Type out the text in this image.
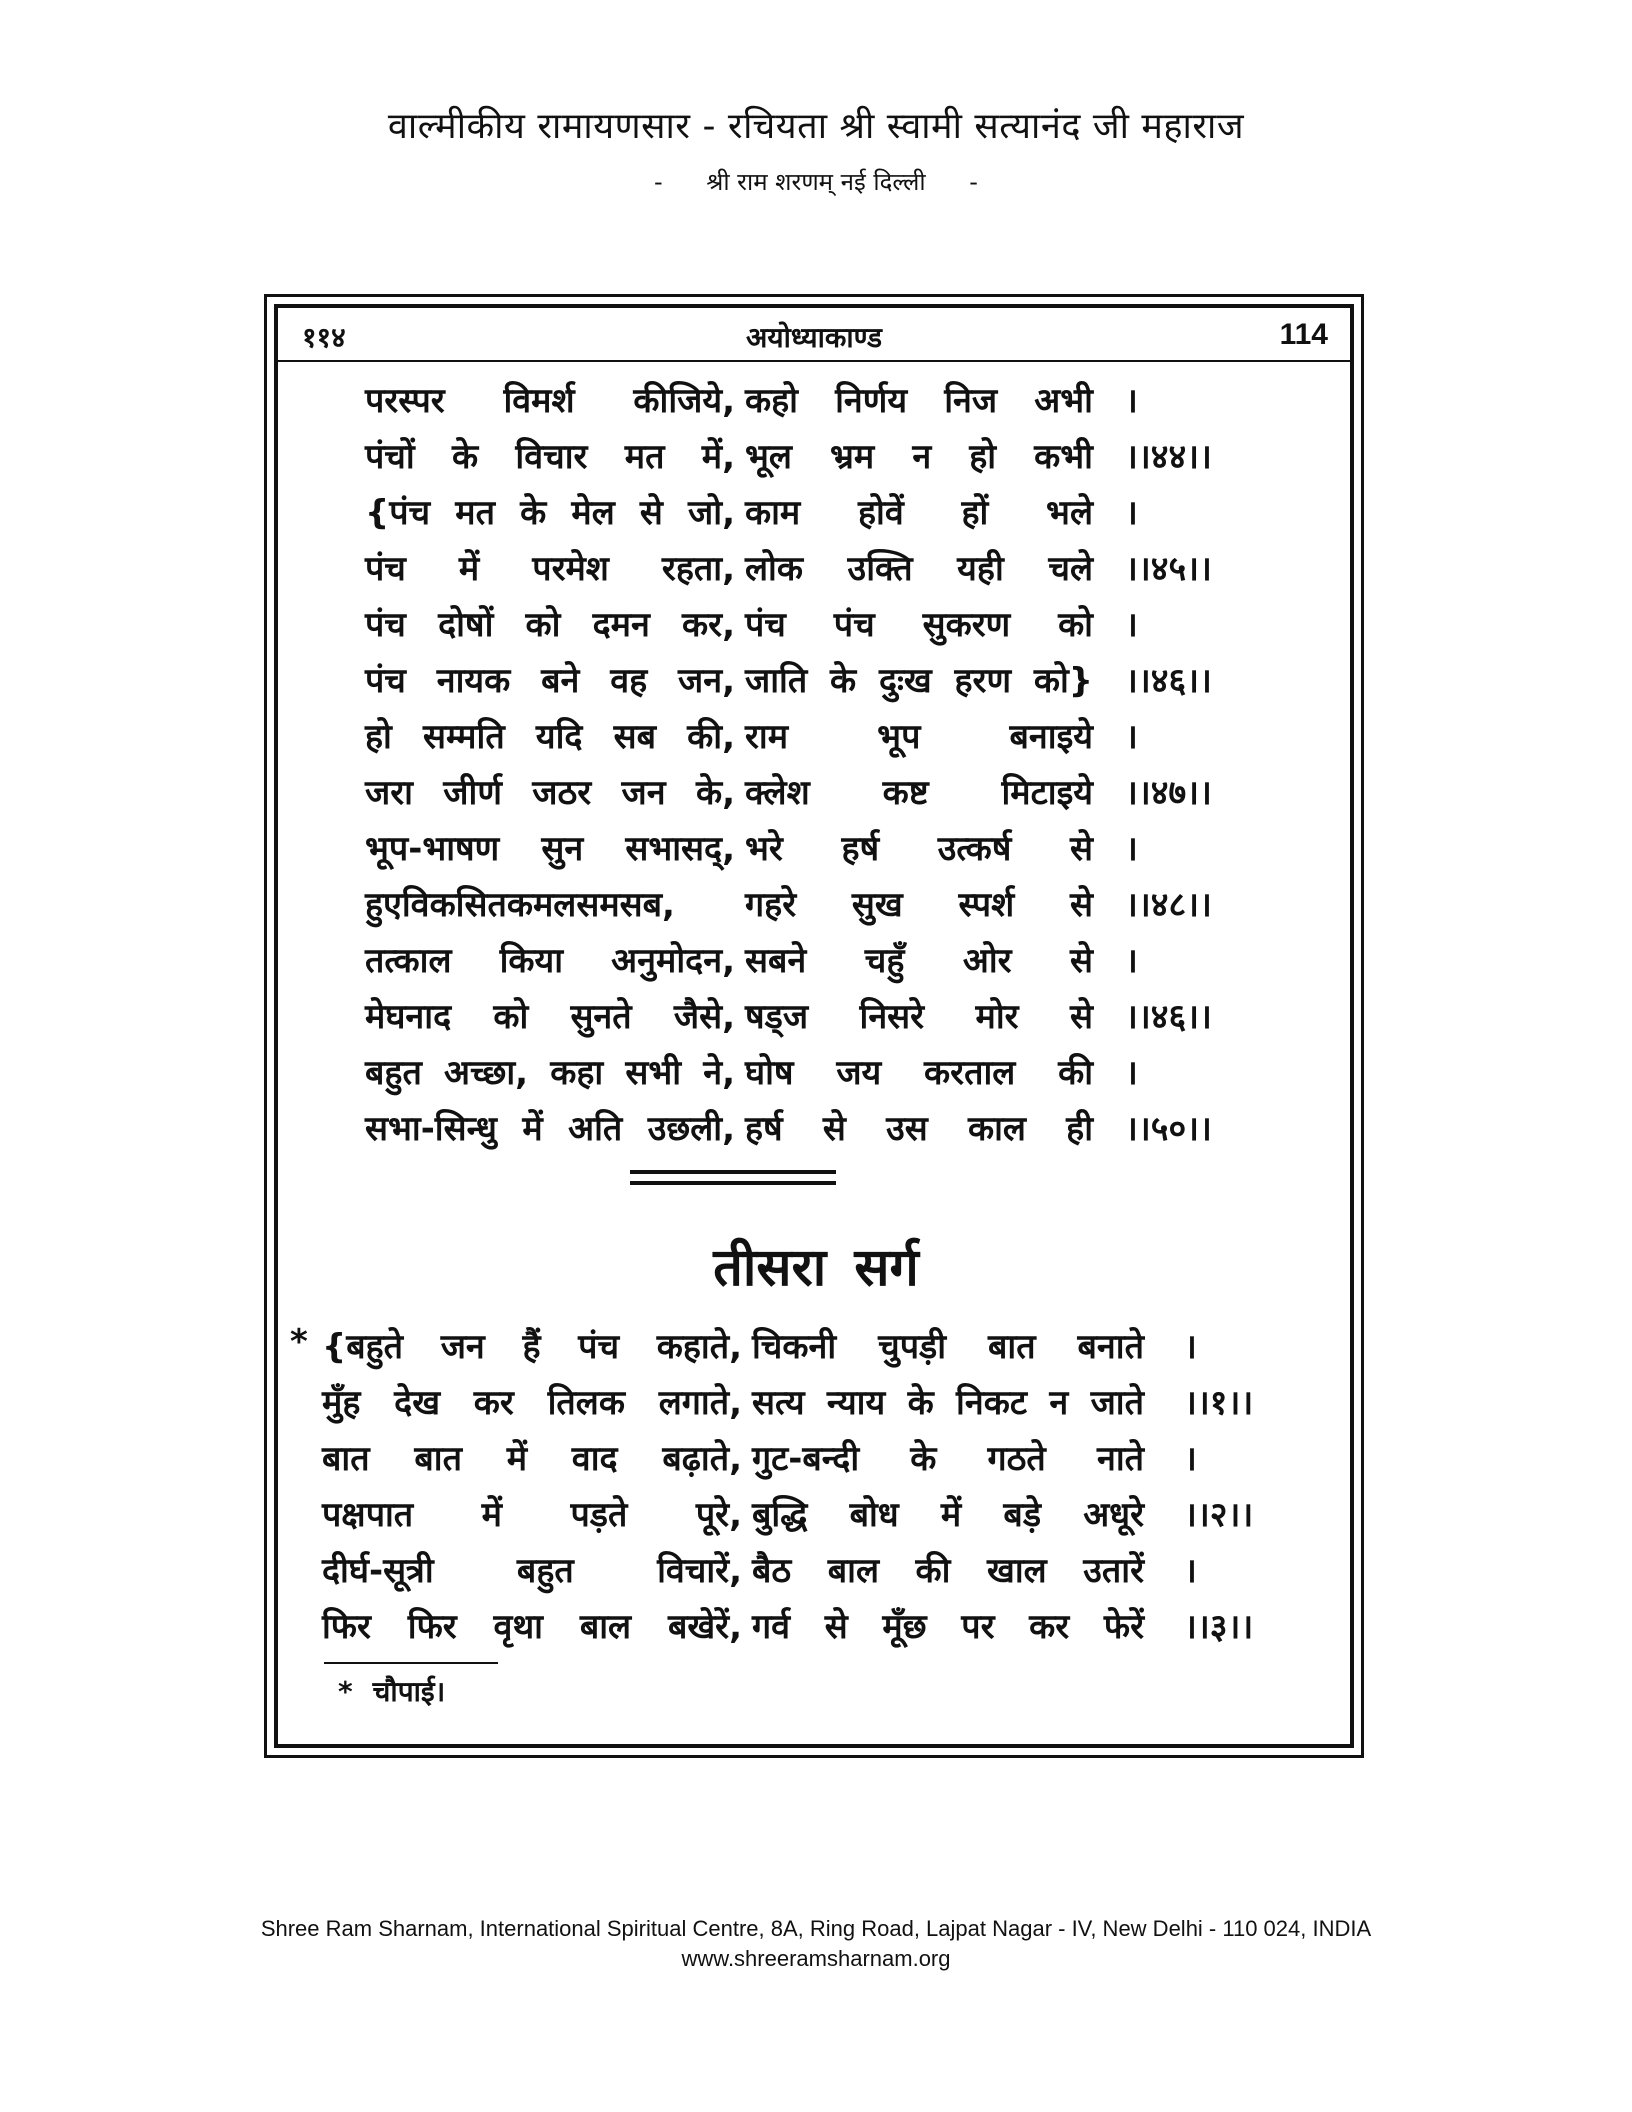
वाल्मीकीय रामायणसार - रचियता श्री स्वामी सत्यानंद जी महाराज
- श्री राम शरणम् नई दिल्ली -
११४	अयोध्याकाण्ड	114
परस्पर विमर्श कीजिये, कहो निर्णय निज अभी ।
पंचों के विचार मत में, भूल भ्रम न हो कभी ।।४४।।
{पंच मत के मेल से जो, काम होवें हों भले ।
पंच में परमेश रहता, लोक उक्ति यही चले ।।४५।।
पंच दोषों को दमन कर, पंच पंच सुकरण को ।
पंच नायक बने वह जन, जाति के दुःख हरण को} ।।४६।।
हो सम्मति यदि सब की, राम भूप बनाइये ।
जरा जीर्ण जठर जन के, क्लेश कष्ट मिटाइये ।।४७।।
भूप-भाषण सुन सभासद्, भरे हर्ष उत्कर्ष से ।
हुएविकसितकमलसमसब,	गहरे सुख स्पर्श से ।।४८।।
तत्काल किया अनुमोदन, सबने चहुँ ओर से ।
मेघनाद को सुनते जैसे, षड्ज निसरे मोर से ।।४६।।
बहुत अच्छा, कहा सभी ने, घोष जय करताल की ।
सभा-सिन्धु में अति उछली, हर्ष से उस काल ही ।।५०।।
तीसरा सर्ग
* {बहुते जन हैं पंच कहाते, चिकनी चुपड़ी बात बनाते ।
मुँह देख कर तिलक लगाते, सत्य न्याय के निकट न जाते ।।१।।
बात बात में वाद बढ़ाते, गुट-बन्दी के गठते नाते ।
पक्षपात में पड़ते पूरे, बुद्धि बोध में बड़े अधूरे ।।२।।
दीर्घ-सूत्री बहुत विचारें, बैठ बाल की खाल उतारें ।
फिर फिर वृथा बाल बखेरें, गर्व से मूँछ पर कर फेरें ।।३।।
* चौपाई।
Shree Ram Sharnam, International Spiritual Centre, 8A, Ring Road, Lajpat Nagar - IV, New Delhi - 110 024, INDIA
www.shreeramsharnam.org
